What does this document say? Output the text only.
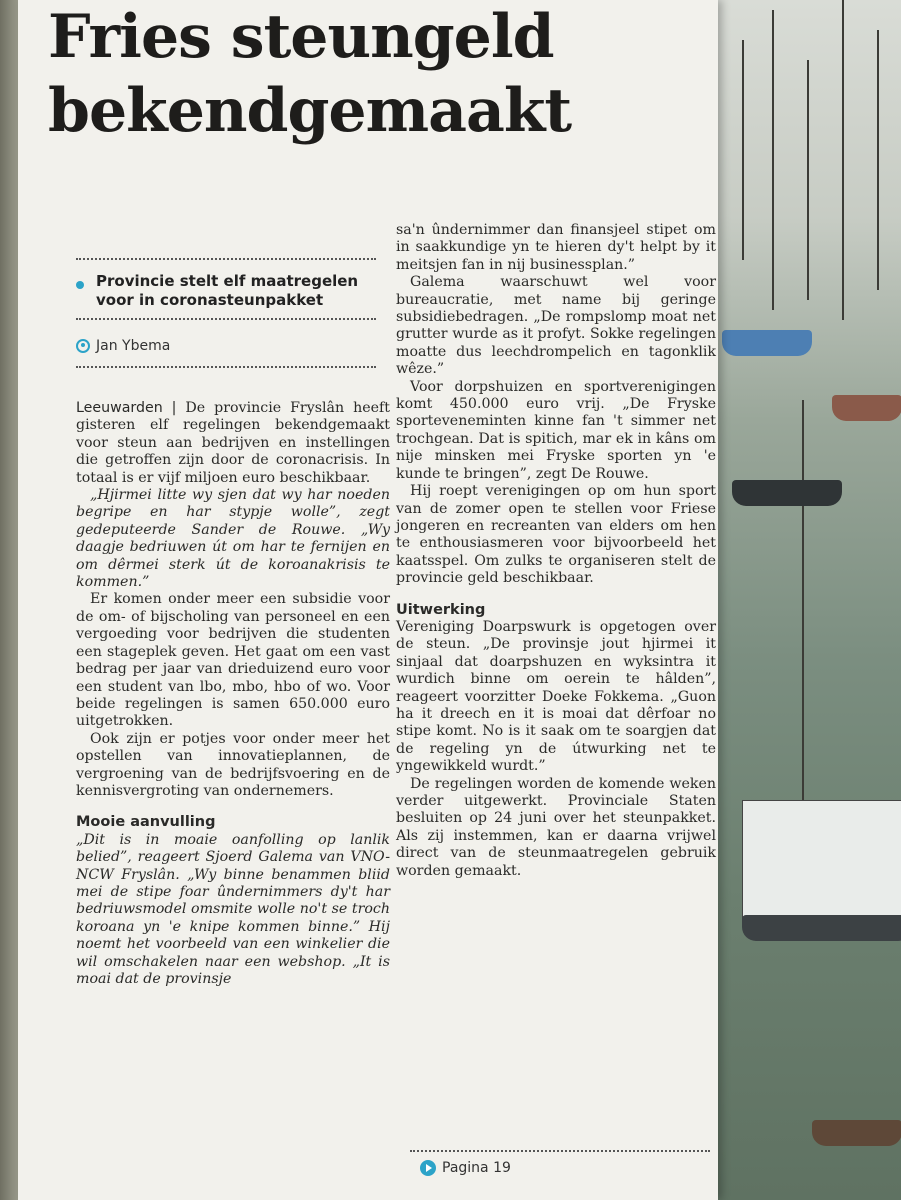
Fries steungeld
bekendgemaakt
Provincie stelt elf maatregelen
voor in coronasteunpakket
Jan Ybema

Leeuwarden | De provincie Fryslân heeft gisteren elf regelingen bekendgemaakt voor steun aan bedrijven en instellingen die getroffen zijn door de coronacrisis. In totaal is er vijf miljoen euro beschikbaar.

„Hjirmei litte wy sjen dat wy har noeden begripe en har stypje wolle”, zegt gedeputeerde Sander de Rouwe. „Wy daagje bedriuwen út om har te fernijen en om dêrmei sterk út de koroanakrisis te kommen.”

Er komen onder meer een subsidie voor de om- of bijscholing van personeel en een vergoeding voor bedrijven die studenten een stageplek geven. Het gaat om een vast bedrag per jaar van drieduizend euro voor een student van lbo, mbo, hbo of wo. Voor beide regelingen is samen 650.000 euro uitgetrokken.

Ook zijn er potjes voor onder meer het opstellen van innovatieplannen, de vergroening van de bedrijfsvoering en de kennisvergroting van ondernemers.

Mooie aanvulling

„Dit is in moaie oanfolling op lanlik belied”, reageert Sjoerd Galema van VNO-NCW Fryslân. „Wy binne benammen bliid mei de stipe foar ûndernimmers dy't har bedriuwsmodel omsmite wolle no't se troch koroana yn 'e knipe kommen binne.” Hij noemt het voorbeeld van een winkelier die wil omschakelen naar een webshop. „It is moai dat de provinsje

sa'n ûndernimmer dan finansjeel stipet om in saakkundige yn te hieren dy't helpt by it meitsjen fan in nij businessplan.”

Galema waarschuwt wel voor bureaucratie, met name bij geringe subsidiebedragen. „De rompslomp moat net grutter wurde as it profyt. Sokke regelingen moatte dus leechdrompelich en tagonklik wêze.”

Voor dorpshuizen en sportverenigingen komt 450.000 euro vrij. „De Fryske sporteveneminten kinne fan 't simmer net trochgean. Dat is spitich, mar ek in kâns om nije minsken mei Fryske sporten yn 'e kunde te bringen”, zegt De Rouwe.

Hij roept verenigingen op om hun sport van de zomer open te stellen voor Friese jongeren en recreanten van elders om hen te enthousiasmeren voor bijvoorbeeld het kaatsspel. Om zulks te organiseren stelt de provincie geld beschikbaar.

Uitwerking

Vereniging Doarpswurk is opgetogen over de steun. „De provinsje jout hjirmei it sinjaal dat doarpshuzen en wyksintra it wurdich binne om oerein te hâlden”, reageert voorzitter Doeke Fokkema. „Guon ha it dreech en it is moai dat dêrfoar no stipe komt. No is it saak om te soargjen dat de regeling yn de útwurking net te yngewikkeld wurdt.”

De regelingen worden de komende weken verder uitgewerkt. Provinciale Staten besluiten op 24 juni over het steunpakket. Als zij instemmen, kan er daarna vrijwel direct van de steunmaatregelen gebruik worden gemaakt.

Pagina 19
